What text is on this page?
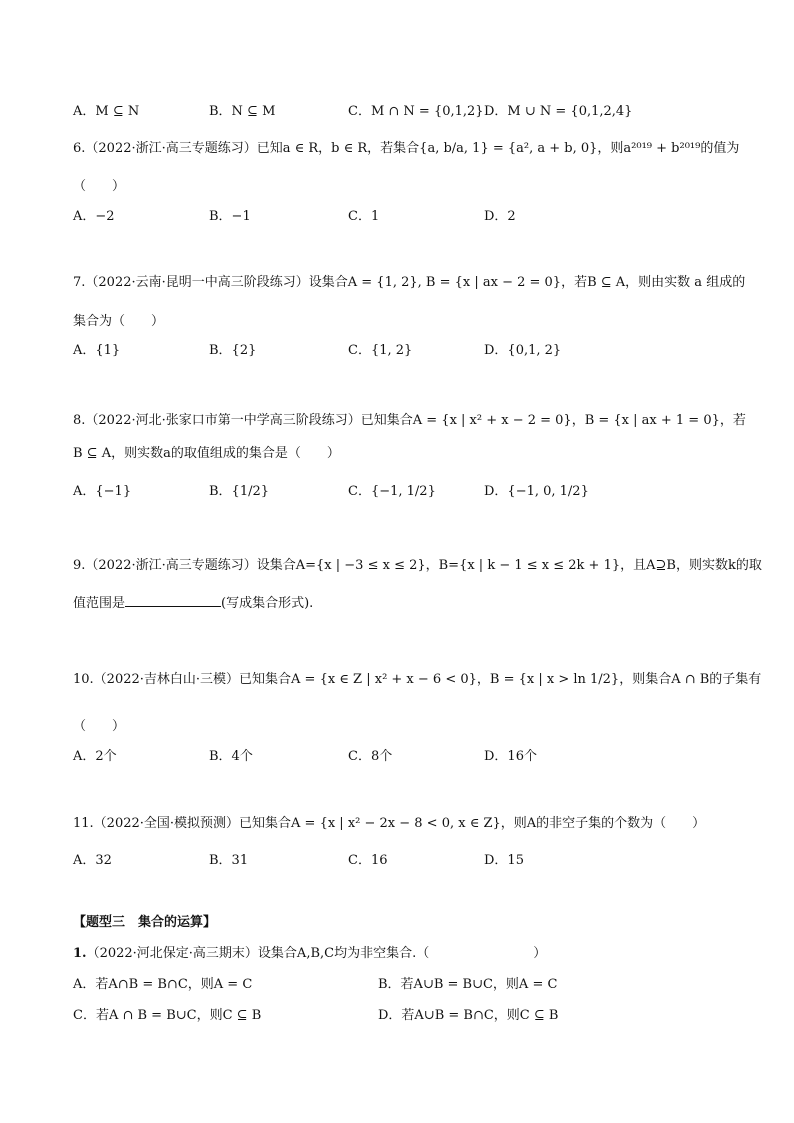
A．M ⊆ N	B．N ⊆ M	C．M ∩ N = {0,1,2} D．M ∪ N = {0,1,2,4}
6.（2022·浙江·高三专题练习）已知a ∈ R，b ∈ R，若集合{a, b/a, 1} = {a², a + b, 0}，则a²⁰¹⁹ + b²⁰¹⁹的值为
（　　）
A．−2	B．−1	C．1	D．2
7.（2022·云南·昆明一中高三阶段练习）设集合A = {1, 2}, B = {x | ax − 2 = 0}，若B ⊆ A，则由实数 a 组成的
集合为（　　）
A．{1}	B．{2}	C．{1, 2}	D．{0,1, 2}
8.（2022·河北·张家口市第一中学高三阶段练习）已知集合A = {x | x² + x − 2 = 0}，B = {x | ax + 1 = 0}，若
B ⊆ A，则实数a的取值组成的集合是（　　）
A．{−1}	B．{1/2}	C．{−1, 1/2}	D．{−1, 0, 1/2}
9.（2022·浙江·高三专题练习）设集合A={x | −3 ≤ x ≤ 2}，B={x | k − 1 ≤ x ≤ 2k + 1}，且A⊇B，则实数k的取
值范围是	(写成集合形式).
10.（2022·吉林白山·三模）已知集合A = {x ∈ Z | x² + x − 6 < 0}，B = {x | x > ln 1/2}，则集合A ∩ B的子集有
（　　）
A．2个	B．4个	C．8个	D．16个
11.（2022·全国·模拟预测）已知集合A = {x | x² − 2x − 8 < 0, x ∈ Z}，则A的非空子集的个数为（　　）
A．32	B．31	C．16	D．15
【题型三　集合的运算】
1.（2022·河北保定·高三期末）设集合A,B,C均为非空集合.（　　　　　　　　）
A．若A∩B = B∩C，则A = C	B．若A∪B = B∪C，则A = C
C．若A ∩ B = B∪C，则C ⊆ B	D．若A∪B = B∩C，则C ⊆ B
